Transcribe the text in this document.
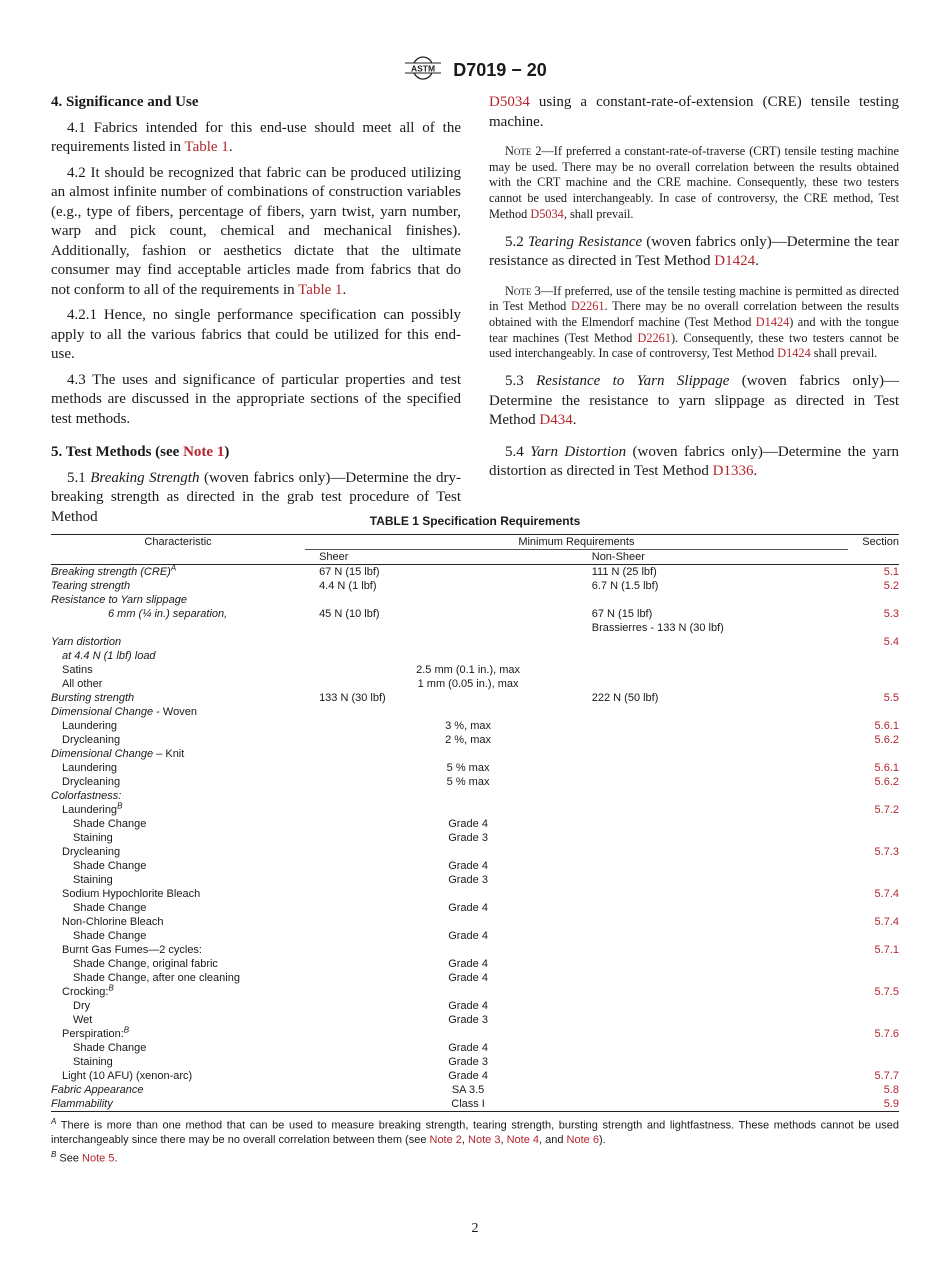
ASTM D7019 − 20

4. Significance and Use

4.1 Fabrics intended for this end-use should meet all of the requirements listed in Table 1.

4.2 It should be recognized that fabric can be produced utilizing an almost infinite number of combinations of construction variables (e.g., type of fibers, percentage of fibers, yarn twist, yarn number, warp and pick count, chemical and mechanical finishes). Additionally, fashion or aesthetics dictate that the ultimate consumer may find acceptable articles made from fabrics that do not conform to all of the requirements in Table 1.

4.2.1 Hence, no single performance specification can possibly apply to all the various fabrics that could be utilized for this end-use.

4.3 The uses and significance of particular properties and test methods are discussed in the appropriate sections of the specified test methods.

5. Test Methods (see Note 1)

5.1 Breaking Strength (woven fabrics only)—Determine the dry-breaking strength as directed in the grab test procedure of Test Method

D5034 using a constant-rate-of-extension (CRE) tensile testing machine.

Note 2—If preferred a constant-rate-of-traverse (CRT) tensile testing machine may be used. There may be no overall correlation between the results obtained with the CRT machine and the CRE machine. Consequently, these two testers cannot be used interchangeably. In case of controversy, the CRE method, Test Method D5034, shall prevail.

5.2 Tearing Resistance (woven fabrics only)—Determine the tear resistance as directed in Test Method D1424.

Note 3—If preferred, use of the tensile testing machine is permitted as directed in Test Method D2261. There may be no overall correlation between the results obtained with the Elmendorf machine (Test Method D1424) and with the tongue tear machines (Test Method D2261). Consequently, these two testers cannot be used interchangeably. In case of controversy, Test Method D1424 shall prevail.

5.3 Resistance to Yarn Slippage (woven fabrics only)—Determine the resistance to yarn slippage as directed in Test Method D434.

5.4 Yarn Distortion (woven fabrics only)—Determine the yarn distortion as directed in Test Method D1336.

TABLE 1 Specification Requirements
Characteristic	Minimum Requirements			Section
	Sheer		Non-Sheer	
Breaking strength (CRE)$^A$	67 N (15 lbf)		111 N (25 lbf)	5.1
Tearing strength	4.4 N (1 lbf)		6.7 N (1.5 lbf)	5.2
Resistance to Yarn slippage				
6 mm (¼ in.) separation,	45 N (10 lbf)		67 N (15 lbf)	5.3
			Brassierres - 133 N (30 lbf)	
Yarn distortion				5.4
at 4.4 N (1 lbf) load				
Satins	2.5 mm (0.1 in.), max			
All other	1 mm (0.05 in.), max			
Bursting strength	133 N (30 lbf)		222 N (50 lbf)	5.5
Dimensional Change - Woven				
Laundering	3 %, max			5.6.1
Drycleaning	2 %, max			5.6.2
Dimensional Change – Knit				
Laundering	5 % max			5.6.1
Drycleaning	5 % max			5.6.2
Colorfastness:				
Laundering$^B$				5.7.2
Shade Change	Grade 4			
Staining	Grade 3			
Drycleaning				5.7.3
Shade Change	Grade 4			
Staining	Grade 3			
Sodium Hypochlorite Bleach				5.7.4
Shade Change	Grade 4			
Non-Chlorine Bleach				5.7.4
Shade Change	Grade 4			
Burnt Gas Fumes—2 cycles:				5.7.1
Shade Change, original fabric	Grade 4			
Shade Change, after one cleaning	Grade 4			
Crocking:$^B$				5.7.5
Dry	Grade 4			
Wet	Grade 3			
Perspiration:$^B$				5.7.6
Shade Change	Grade 4			
Staining	Grade 3			
Light (10 AFU) (xenon-arc)	Grade 4			5.7.7
Fabric Appearance	SA 3.5			5.8
Flammability	Class I			5.9
$^A$ There is more than one method that can be used to measure breaking strength, tearing strength, bursting strength and lightfastness. These methods cannot be used interchangeably since there may be no overall correlation between them (see Note 2, Note 3, Note 4, and Note 6).
$^B$ See Note 5.
2
